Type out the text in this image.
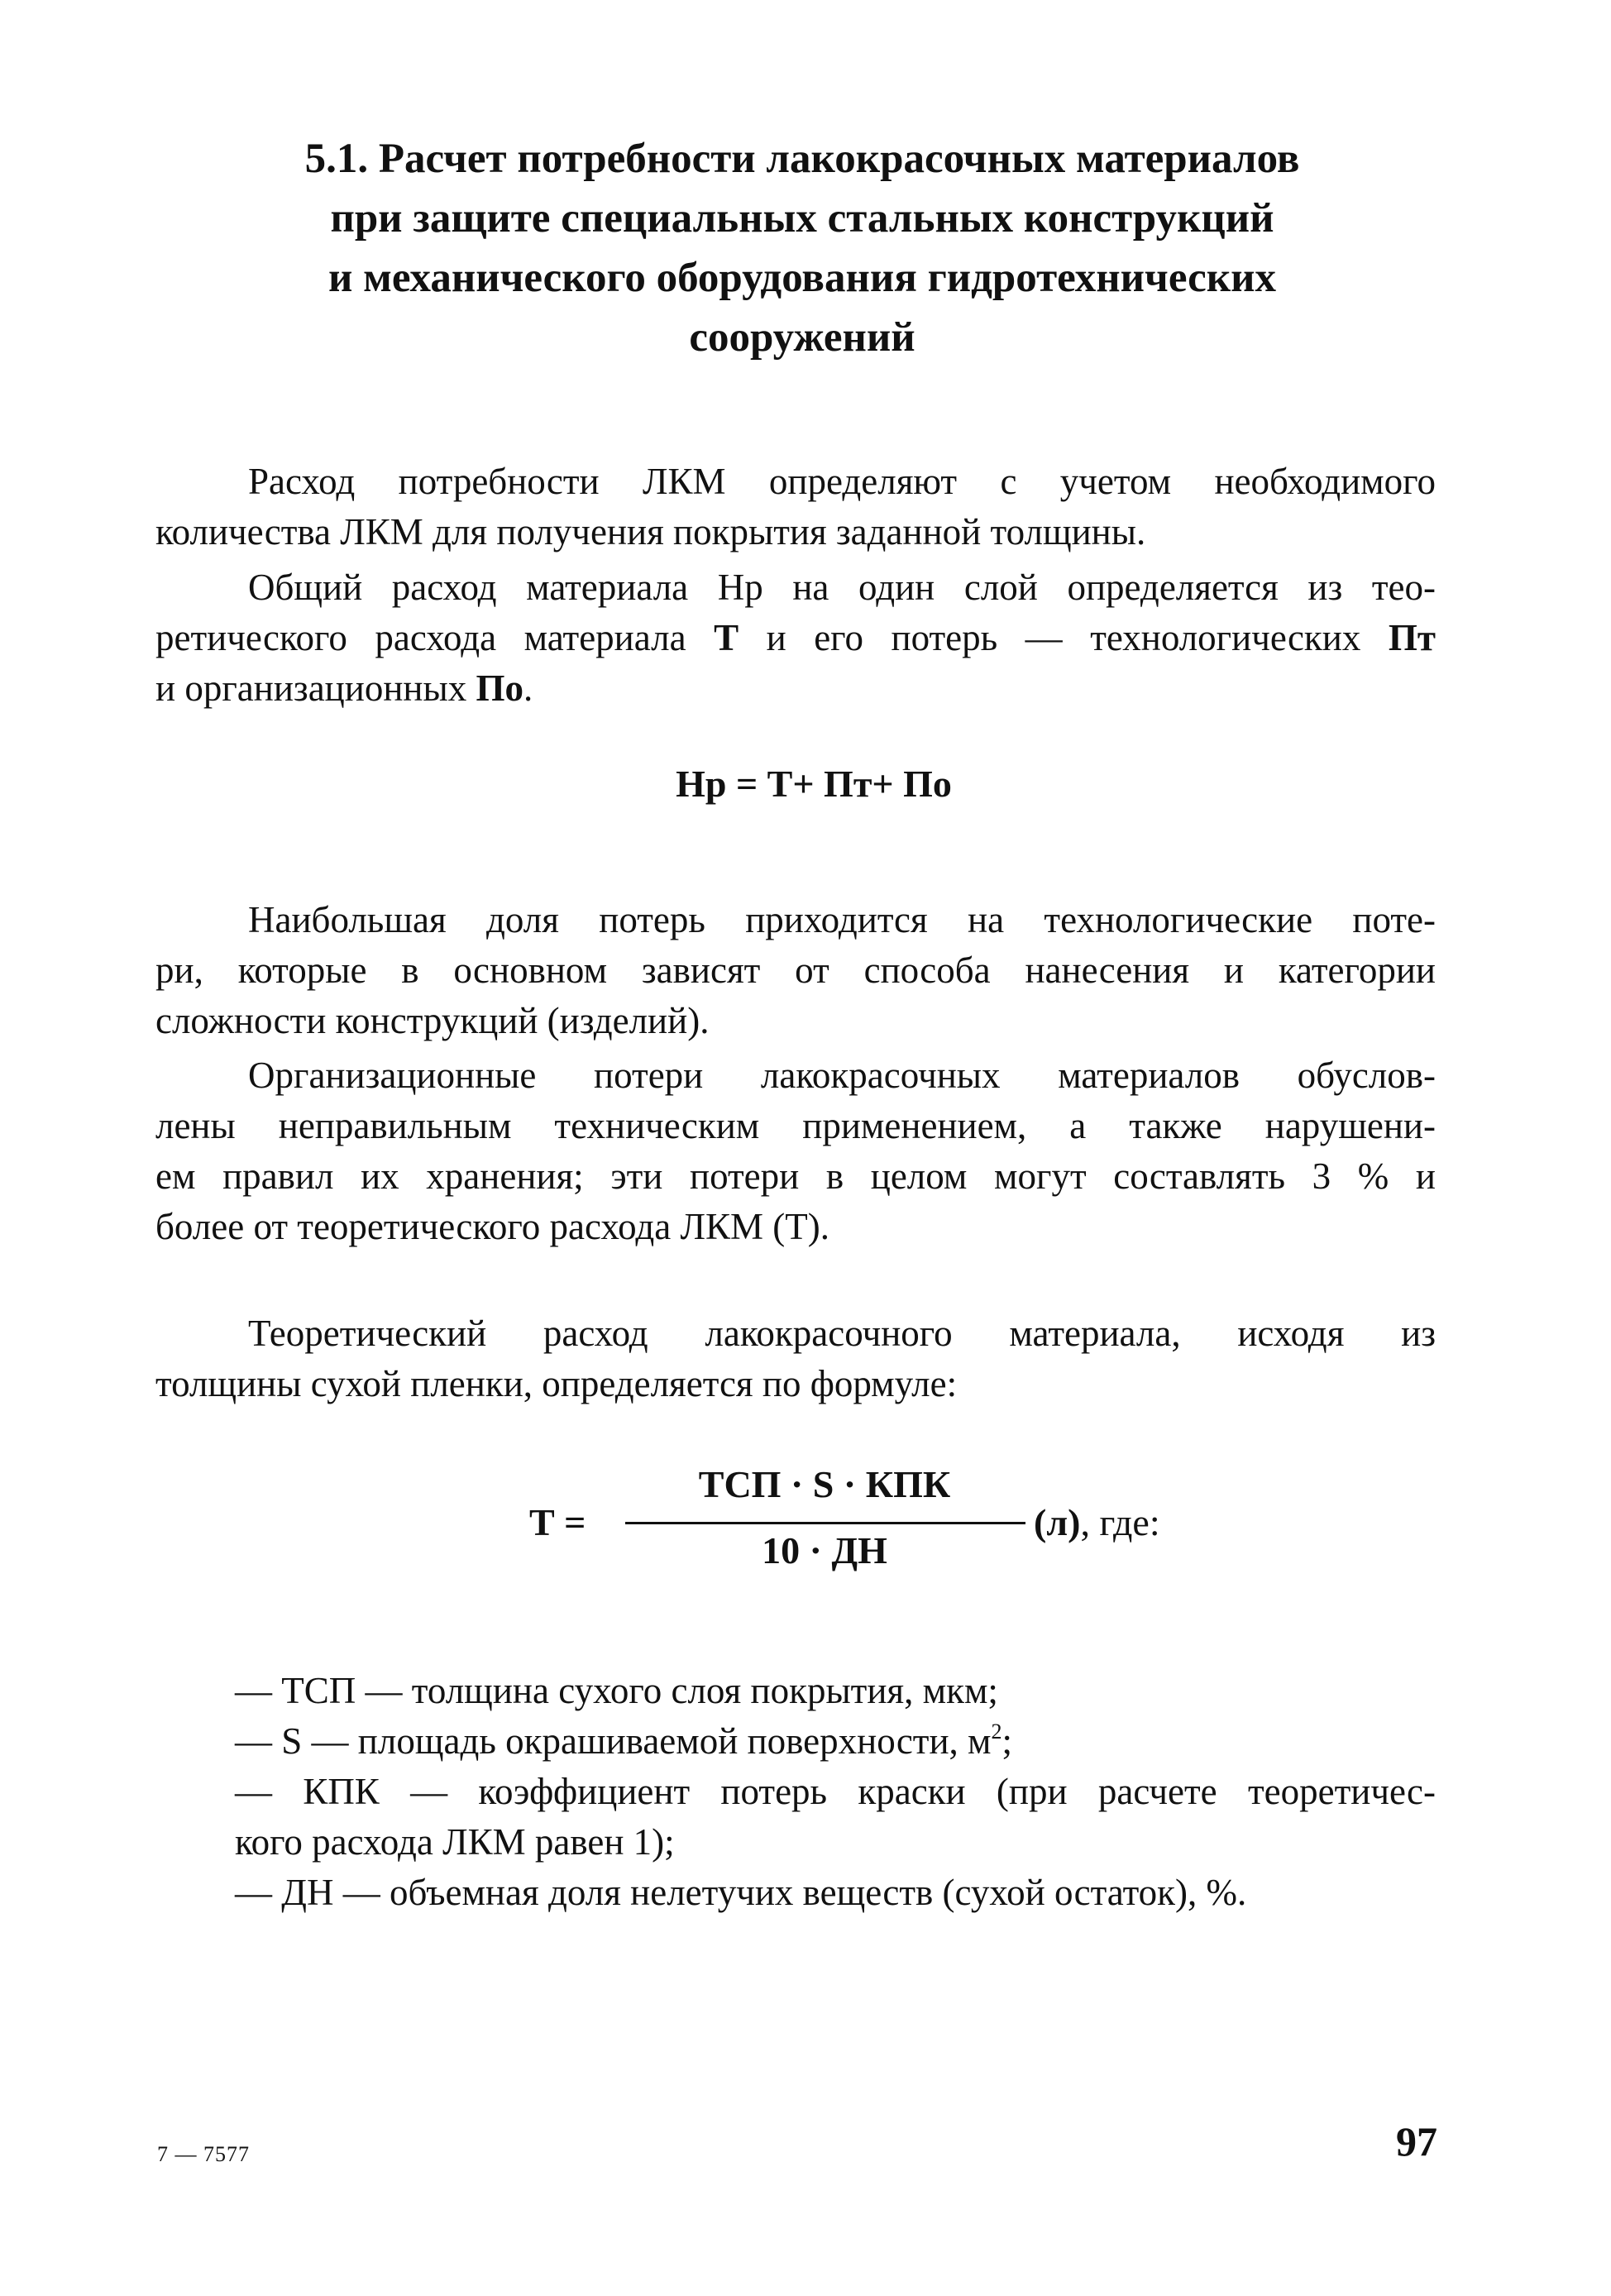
5.1. Расчет потребности лакокрасочных материалов
при защите специальных стальных конструкций
и механического оборудования гидротехнических
сооружений
Расход потребности ЛКМ определяют с учетом необходимого
количества ЛКМ для получения покрытия заданной толщины.
Общий расход материала Нр на один слой определяется из тео-
ретического расхода материала Т и его потерь — технологических Пт
и организационных По.
Нр = Т+ Пт+ По
Наибольшая доля потерь приходится на технологические поте-
ри, которые в основном зависят от способа нанесения и категории
сложности конструкций (изделий).
Организационные потери лакокрасочных материалов обуслов-
лены неправильным техническим применением, а также нарушени-
ем правил их хранения; эти потери в целом могут составлять 3 % и
более от теоретического расхода ЛКМ (Т).
Теоретический расход лакокрасочного материала, исходя из
толщины сухой пленки, определяется по формуле:
Т =
ТСП · S · КПК
10 · ДН
(л), где:
— ТСП — толщина сухого слоя покрытия, мкм;
— S — площадь окрашиваемой поверхности, $м^2$;
— КПК — коэффициент потерь краски (при расчете теоретичес-
кого расхода ЛКМ равен 1);
— ДН — объемная доля нелетучих веществ (сухой остаток), %.
7 — 7577	97
